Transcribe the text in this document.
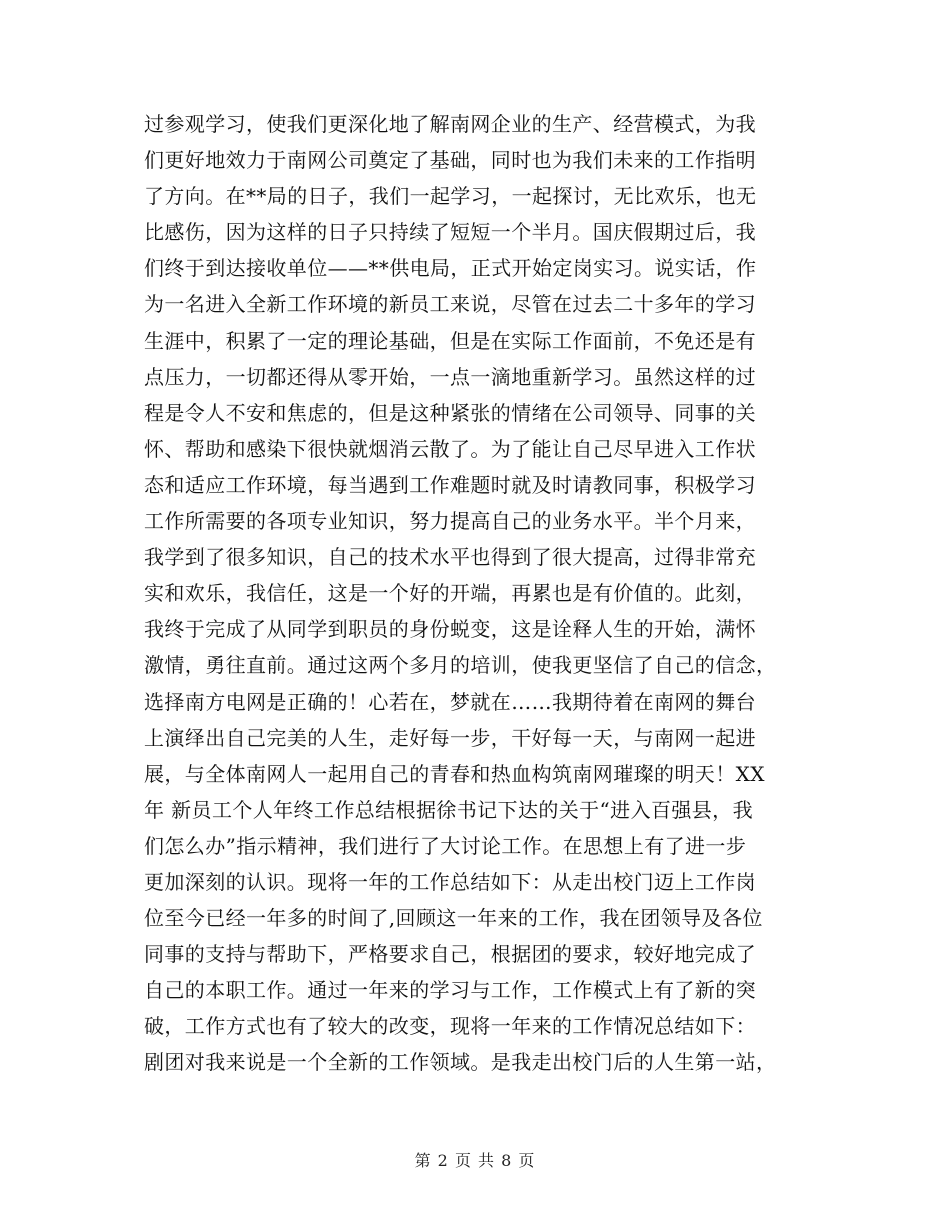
过参观学习，使我们更深化地了解南网企业的生产、经营模式，为我
们更好地效力于南网公司奠定了基础，同时也为我们未来的工作指明
了方向。在**局的日子，我们一起学习，一起探讨，无比欢乐，也无
比感伤，因为这样的日子只持续了短短一个半月。国庆假期过后，我
们终于到达接收单位——**供电局，正式开始定岗实习。说实话，作
为一名进入全新工作环境的新员工来说，尽管在过去二十多年的学习
生涯中，积累了一定的理论基础，但是在实际工作面前，不免还是有
点压力，一切都还得从零开始，一点一滴地重新学习。虽然这样的过
程是令人不安和焦虑的，但是这种紧张的情绪在公司领导、同事的关
怀、帮助和感染下很快就烟消云散了。为了能让自己尽早进入工作状
态和适应工作环境，每当遇到工作难题时就及时请教同事，积极学习
工作所需要的各项专业知识，努力提高自己的业务水平。半个月来，
我学到了很多知识，自己的技术水平也得到了很大提高，过得非常充
实和欢乐，我信任，这是一个好的开端，再累也是有价值的。此刻，
我终于完成了从同学到职员的身份蜕变，这是诠释人生的开始，满怀
激情，勇往直前。通过这两个多月的培训，使我更坚信了自己的信念，
选择南方电网是正确的！心若在，梦就在……我期待着在南网的舞台
上演绎出自己完美的人生，走好每一步，干好每一天，与南网一起进
展，与全体南网人一起用自己的青春和热血构筑南网璀璨的明天！XX
年 新员工个人年终工作总结根据徐书记下达的关于“进入百强县，我
们怎么办”指示精神，我们进行了大讨论工作。在思想上有了进一步
更加深刻的认识。现将一年的工作总结如下：从走出校门迈上工作岗
位至今已经一年多的时间了,回顾这一年来的工作，我在团领导及各位
同事的支持与帮助下，严格要求自己，根据团的要求，较好地完成了
自己的本职工作。通过一年来的学习与工作，工作模式上有了新的突
破，工作方式也有了较大的改变，现将一年来的工作情况总结如下：
剧团对我来说是一个全新的工作领域。是我走出校门后的人生第一站，
第 2 页 共 8 页
